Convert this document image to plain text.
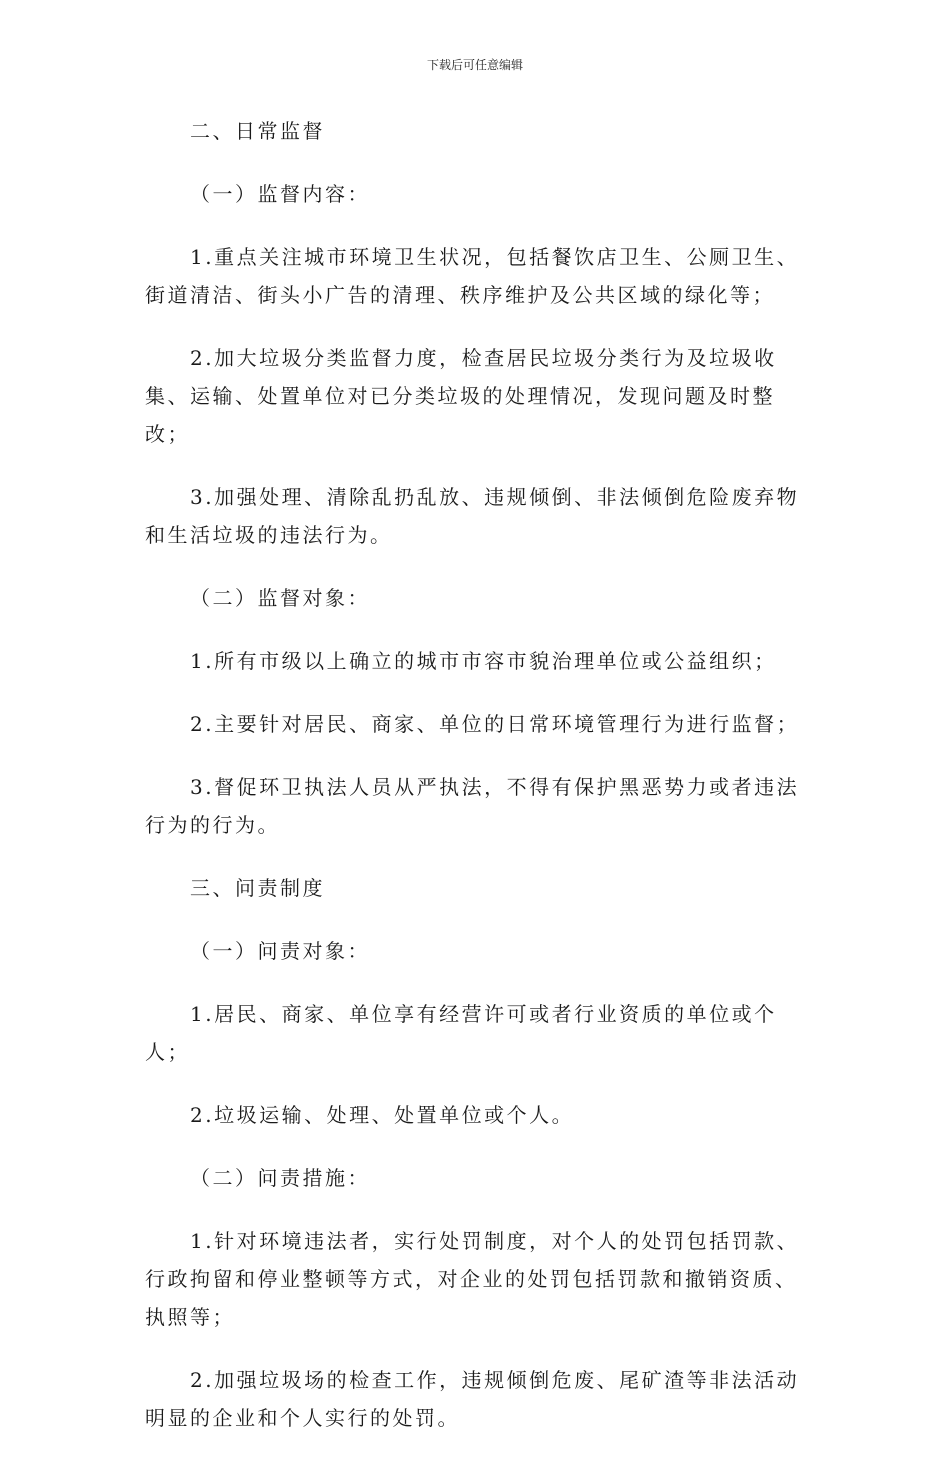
下载后可任意编辑

二、日常监督

（一）监督内容：

1.重点关注城市环境卫生状况，包括餐饮店卫生、公厕卫生、街道清洁、街头小广告的清理、秩序维护及公共区域的绿化等；

2.加大垃圾分类监督力度，检查居民垃圾分类行为及垃圾收集、运输、处置单位对已分类垃圾的处理情况，发现问题及时整改；

3.加强处理、清除乱扔乱放、违规倾倒、非法倾倒危险废弃物和生活垃圾的违法行为。

（二）监督对象：

1.所有市级以上确立的城市市容市貌治理单位或公益组织；

2.主要针对居民、商家、单位的日常环境管理行为进行监督；

3.督促环卫执法人员从严执法，不得有保护黑恶势力或者违法行为的行为。

三、问责制度

（一）问责对象：

1.居民、商家、单位享有经营许可或者行业资质的单位或个人；

2.垃圾运输、处理、处置单位或个人。

（二）问责措施：

1.针对环境违法者，实行处罚制度，对个人的处罚包括罚款、行政拘留和停业整顿等方式，对企业的处罚包括罚款和撤销资质、执照等；

2.加强垃圾场的检查工作，违规倾倒危废、尾矿渣等非法活动明显的企业和个人实行的处罚。
